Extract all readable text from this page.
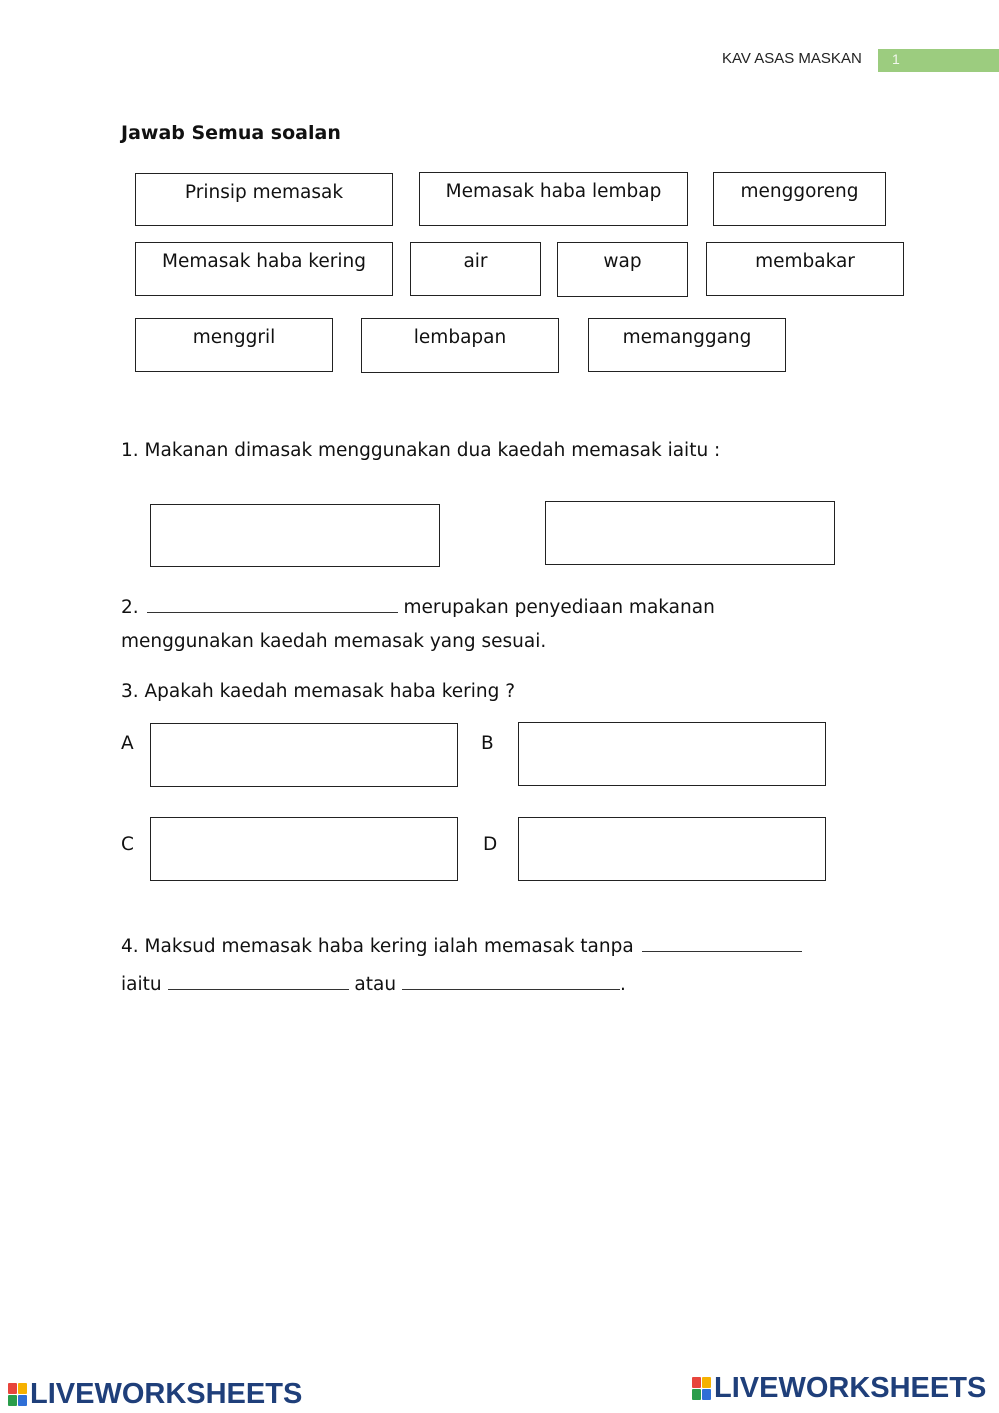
KAV ASAS MASKAN 1
Jawab Semua soalan
Prinsip memasak	Memasak haba lembap	menggoreng
Memasak haba kering	air	wap	membakar
menggril	lembapan	memanggang
1. Makanan dimasak menggunakan dua kaedah memasak iaitu :
2.	merupakan penyediaan makanan
menggunakan kaedah memasak yang sesuai.
3. Apakah kaedah memasak haba kering ?
A	B
C	D
4. Maksud memasak haba kering ialah memasak tanpa
iaitu	atau	.
LIVEWORKSHEETS	LIVEWORKSHEETS
